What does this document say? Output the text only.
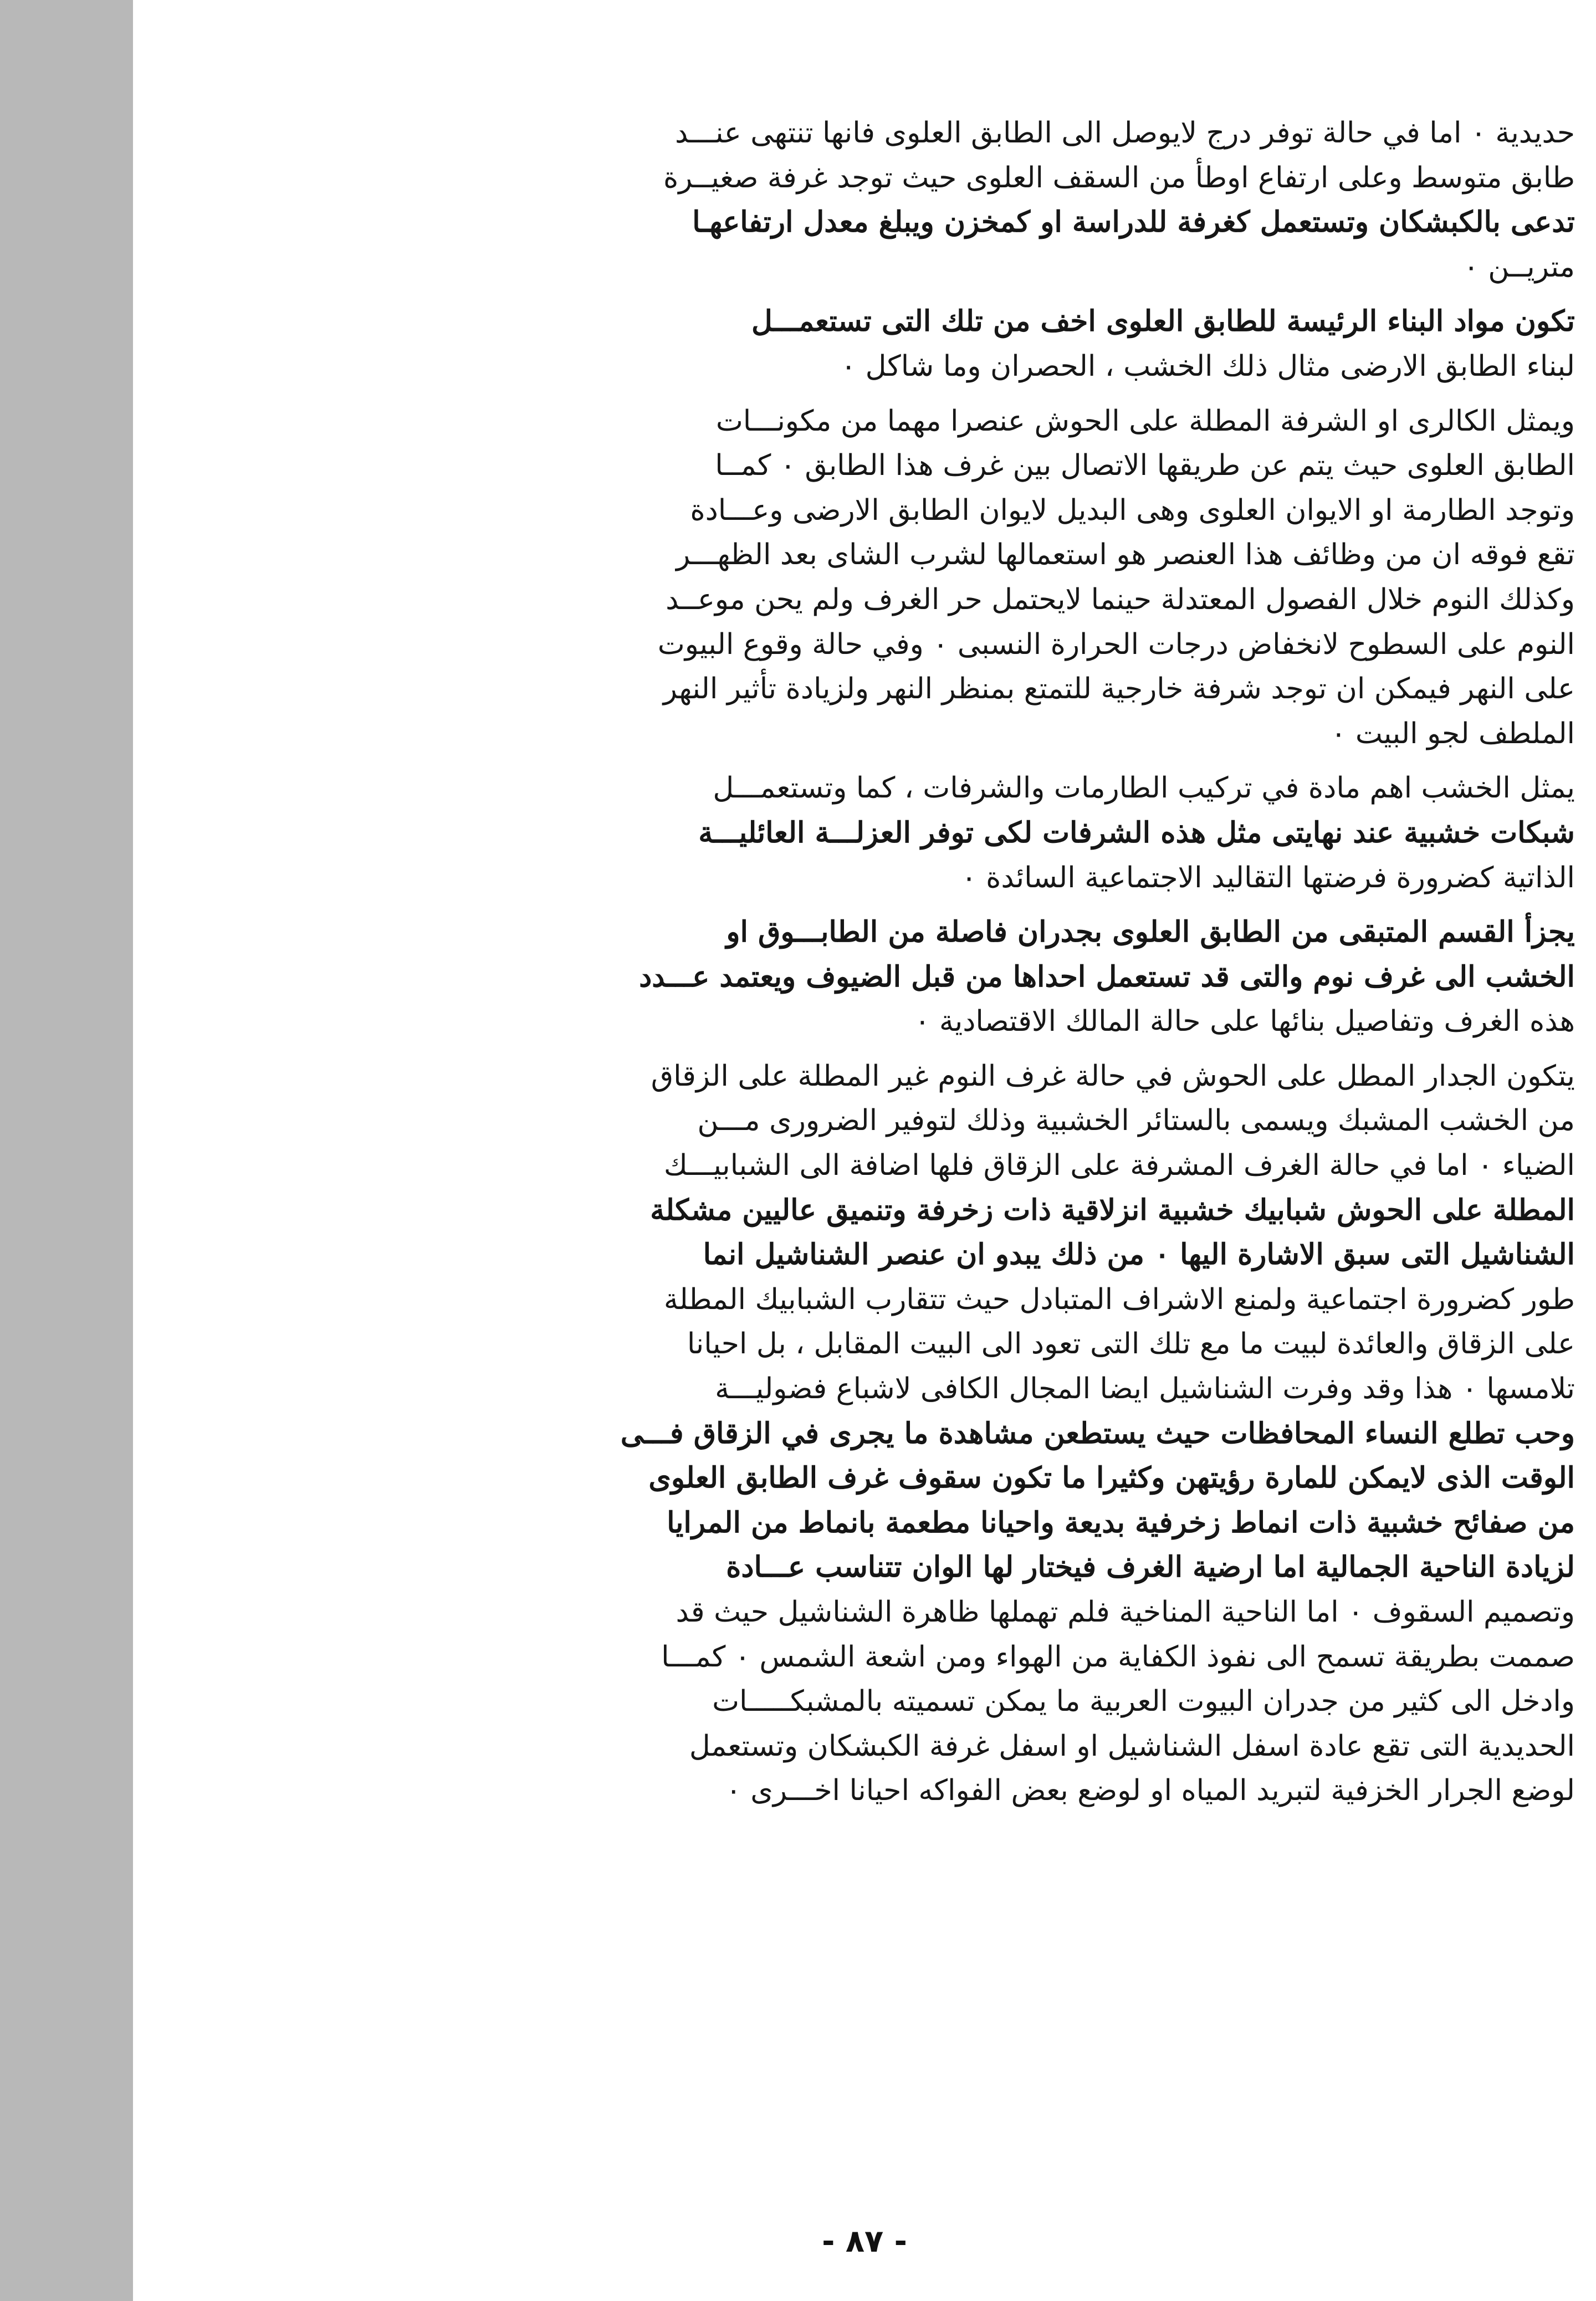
حديدية ٠ اما في حالة توفر درج لايوصل الى الطابق العلوى فانها تنتهى عنـــد
طابق متوسط وعلى ارتفاع اوطأ من السقف العلوى حيث توجد غرفة صغيــرة
تدعى بالكبشكان وتستعمل كغرفة للدراسة او كمخزن ويبلغ معدل ارتفاعهـا
متريــن ٠
تكون مواد البناء الرئيسة للطابق العلوى اخف من تلك التى تستعمـــل
لبناء الطابق الارضى مثال ذلك الخشب ، الحصران وما شاكل ٠
ويمثل الكالرى او الشرفة المطلة على الحوش عنصرا مهما من مكونـــات
الطابق العلوى حيث يتم عن طريقها الاتصال بين غرف هذا الطابق ٠ كمــا
وتوجد الطارمة او الايوان العلوى وهى البديل لايوان الطابق الارضى وعـــادة
تقع فوقه ان من وظائف هذا العنصر هو استعمالها لشرب الشاى بعد الظهـــر
وكذلك النوم خلال الفصول المعتدلة حينما لايحتمل حر الغرف ولم يحن موعــد
النوم على السطوح لانخفاض درجات الحرارة النسبى ٠ وفي حالة وقوع البيوت
على النهر فيمكن ان توجد شرفة خارجية للتمتع بمنظر النهر ولزيادة تأثير النهر
الملطف لجو البيت ٠
يمثل الخشب اهم مادة في تركيب الطارمات والشرفات ، كما وتستعمـــل
شبكات خشبية عند نهايتى مثل هذه الشرفات لكى توفر العزلـــة العائليـــة
الذاتية كضرورة فرضتها التقاليد الاجتماعية السائدة ٠
يجزأ القسم المتبقى من الطابق العلوى بجدران فاصلة من الطابـــوق او
الخشب الى غرف نوم والتى قد تستعمل احداها من قبل الضيوف ويعتمد عـــدد
هذه الغرف وتفاصيل بنائها على حالة المالك الاقتصادية ٠
يتكون الجدار المطل على الحوش في حالة غرف النوم غير المطلة على الزقاق
من الخشب المشبك ويسمى بالستائر الخشبية وذلك لتوفير الضرورى مـــن
الضياء ٠ اما في حالة الغرف المشرفة على الزقاق فلها اضافة الى الشبابيـــك
المطلة على الحوش شبابيك خشبية انزلاقية ذات زخرفة وتنميق عاليين مشكلة
الشناشيل التى سبق الاشارة اليها ٠ من ذلك يبدو ان عنصر الشناشيل انما
طور كضرورة اجتماعية ولمنع الاشراف المتبادل حيث تتقارب الشبابيك المطلة
على الزقاق والعائدة لبيت ما مع تلك التى تعود الى البيت المقابل ، بل احيانا
تلامسها ٠ هذا وقد وفرت الشناشيل ايضا المجال الكافى لاشباع فضوليـــة
وحب تطلع النساء المحافظات حيث يستطعن مشاهدة ما يجرى في الزقاق فـــى
الوقت الذى لايمكن للمارة رؤيتهن وكثيرا ما تكون سقوف غرف الطابق العلوى
من صفائح خشبية ذات انماط زخرفية بديعة واحيانا مطعمة بانماط من المرايا
لزيادة الناحية الجمالية اما ارضية الغرف فيختار لها الوان تتناسب عـــادة
وتصميم السقوف ٠ اما الناحية المناخية فلم تهملها ظاهرة الشناشيل حيث قد
صممت بطريقة تسمح الى نفوذ الكفاية من الهواء ومن اشعة الشمس ٠ كمـــا
وادخل الى كثير من جدران البيوت العربية ما يمكن تسميته بالمشبكـــــات
الحديدية التى تقع عادة اسفل الشناشيل او اسفل غرفة الكبشكان وتستعمل
لوضع الجرار الخزفية لتبريد المياه او لوضع بعض الفواكه احيانا اخـــرى ٠
- ٨٧ -
